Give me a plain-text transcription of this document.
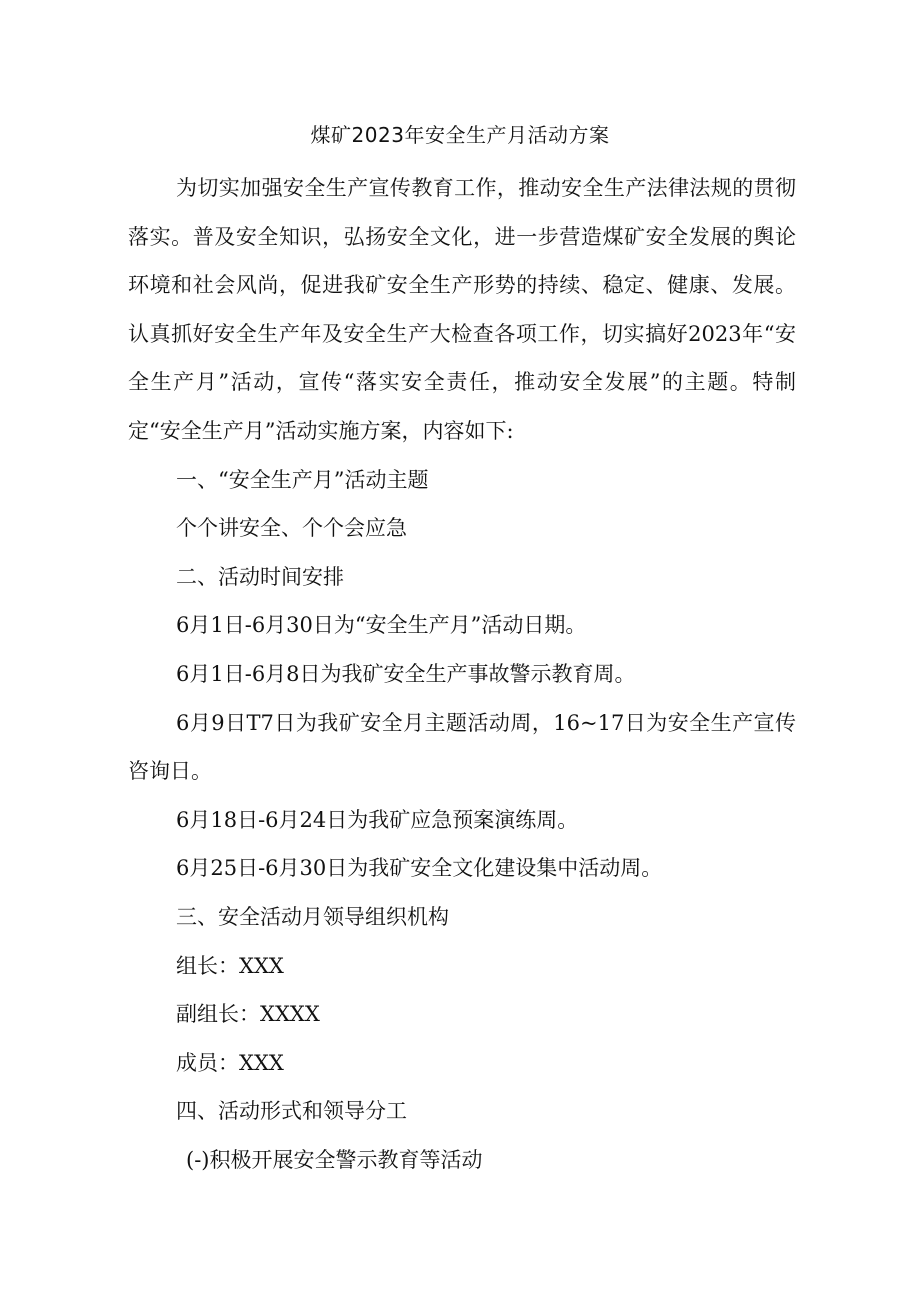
煤矿2023年安全生产月活动方案

为切实加强安全生产宣传教育工作，推动安全生产法律法规的贯彻落实。普及安全知识，弘扬安全文化，进一步营造煤矿安全发展的舆论环境和社会风尚，促进我矿安全生产形势的持续、稳定、健康、发展。认真抓好安全生产年及安全生产大检查各项工作，切实搞好2023年“安全生产月”活动，宣传“落实安全责任，推动安全发展”的主题。特制定“安全生产月”活动实施方案，内容如下:

一、“安全生产月”活动主题

个个讲安全、个个会应急

二、活动时间安排

6月1日-6月30日为“安全生产月”活动日期。

6月1日-6月8日为我矿安全生产事故警示教育周。

6月9日T7日为我矿安全月主题活动周，16~17日为安全生产宣传咨询日。

6月18日-6月24日为我矿应急预案演练周。

6月25日-6月30日为我矿安全文化建设集中活动周。

三、安全活动月领导组织机构

组长：XXX

副组长：XXXX

成员：XXX

四、活动形式和领导分工

(-)积极开展安全警示教育等活动
